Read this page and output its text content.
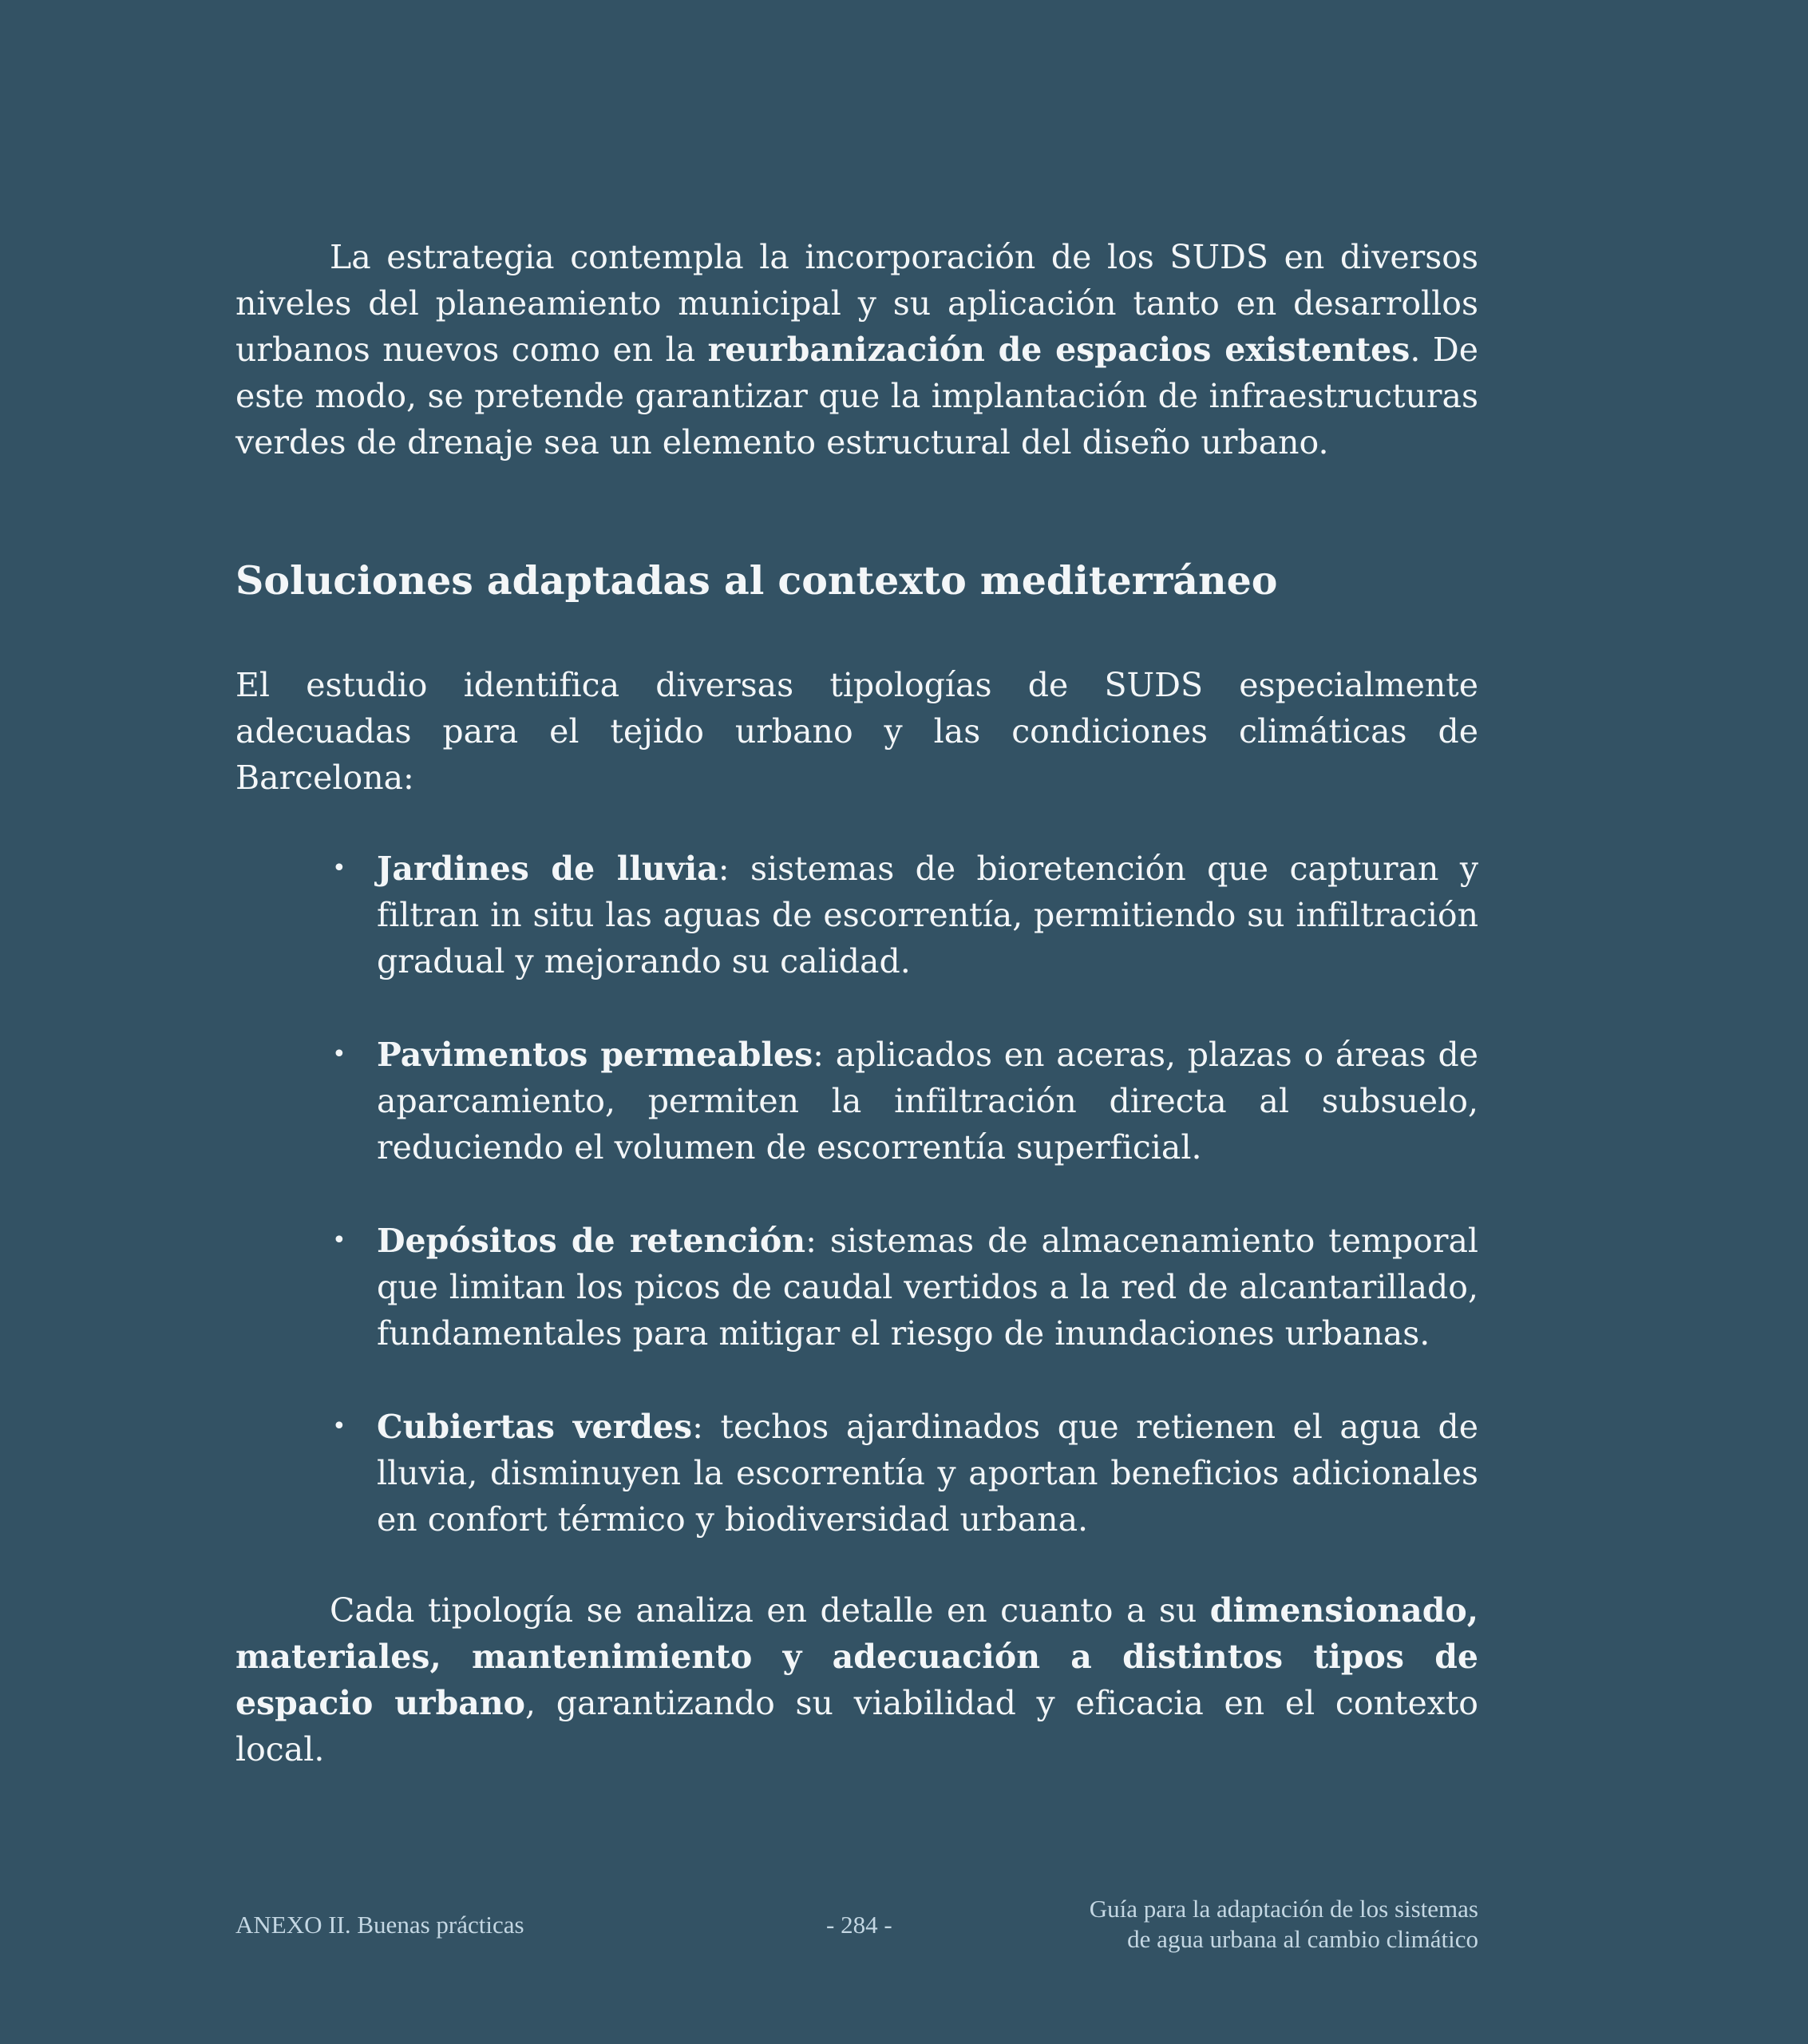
La estrategia contempla la incorporación de los SUDS en diversos niveles del planeamiento municipal y su aplicación tanto en desarrollos urbanos nuevos como en la reurbanización de espacios existentes. De este modo, se pretende garantizar que la implantación de infraestructuras verdes de drenaje sea un elemento estructural del diseño urbano.

Soluciones adaptadas al contexto mediterráneo

El estudio identifica diversas tipologías de SUDS especialmente adecuadas para el tejido urbano y las condiciones climáticas de Barcelona:

• Jardines de lluvia: sistemas de bioretención que capturan y filtran in situ las aguas de escorrentía, permitiendo su infiltración gradual y mejorando su calidad.
• Pavimentos permeables: aplicados en aceras, plazas o áreas de aparcamiento, permiten la infiltración directa al subsuelo, reduciendo el volumen de escorrentía superficial.
• Depósitos de retención: sistemas de almacenamiento temporal que limitan los picos de caudal vertidos a la red de alcantarillado, fundamentales para mitigar el riesgo de inundaciones urbanas.
• Cubiertas verdes: techos ajardinados que retienen el agua de lluvia, disminuyen la escorrentía y aportan beneficios adicionales en confort térmico y biodiversidad urbana.

Cada tipología se analiza en detalle en cuanto a su dimensionado, materiales, mantenimiento y adecuación a distintos tipos de espacio urbano, garantizando su viabilidad y eficacia en el contexto local.

ANEXO II. Buenas prácticas	- 284 -
Guía para la adaptación de los sistemas
de agua urbana al cambio climático
